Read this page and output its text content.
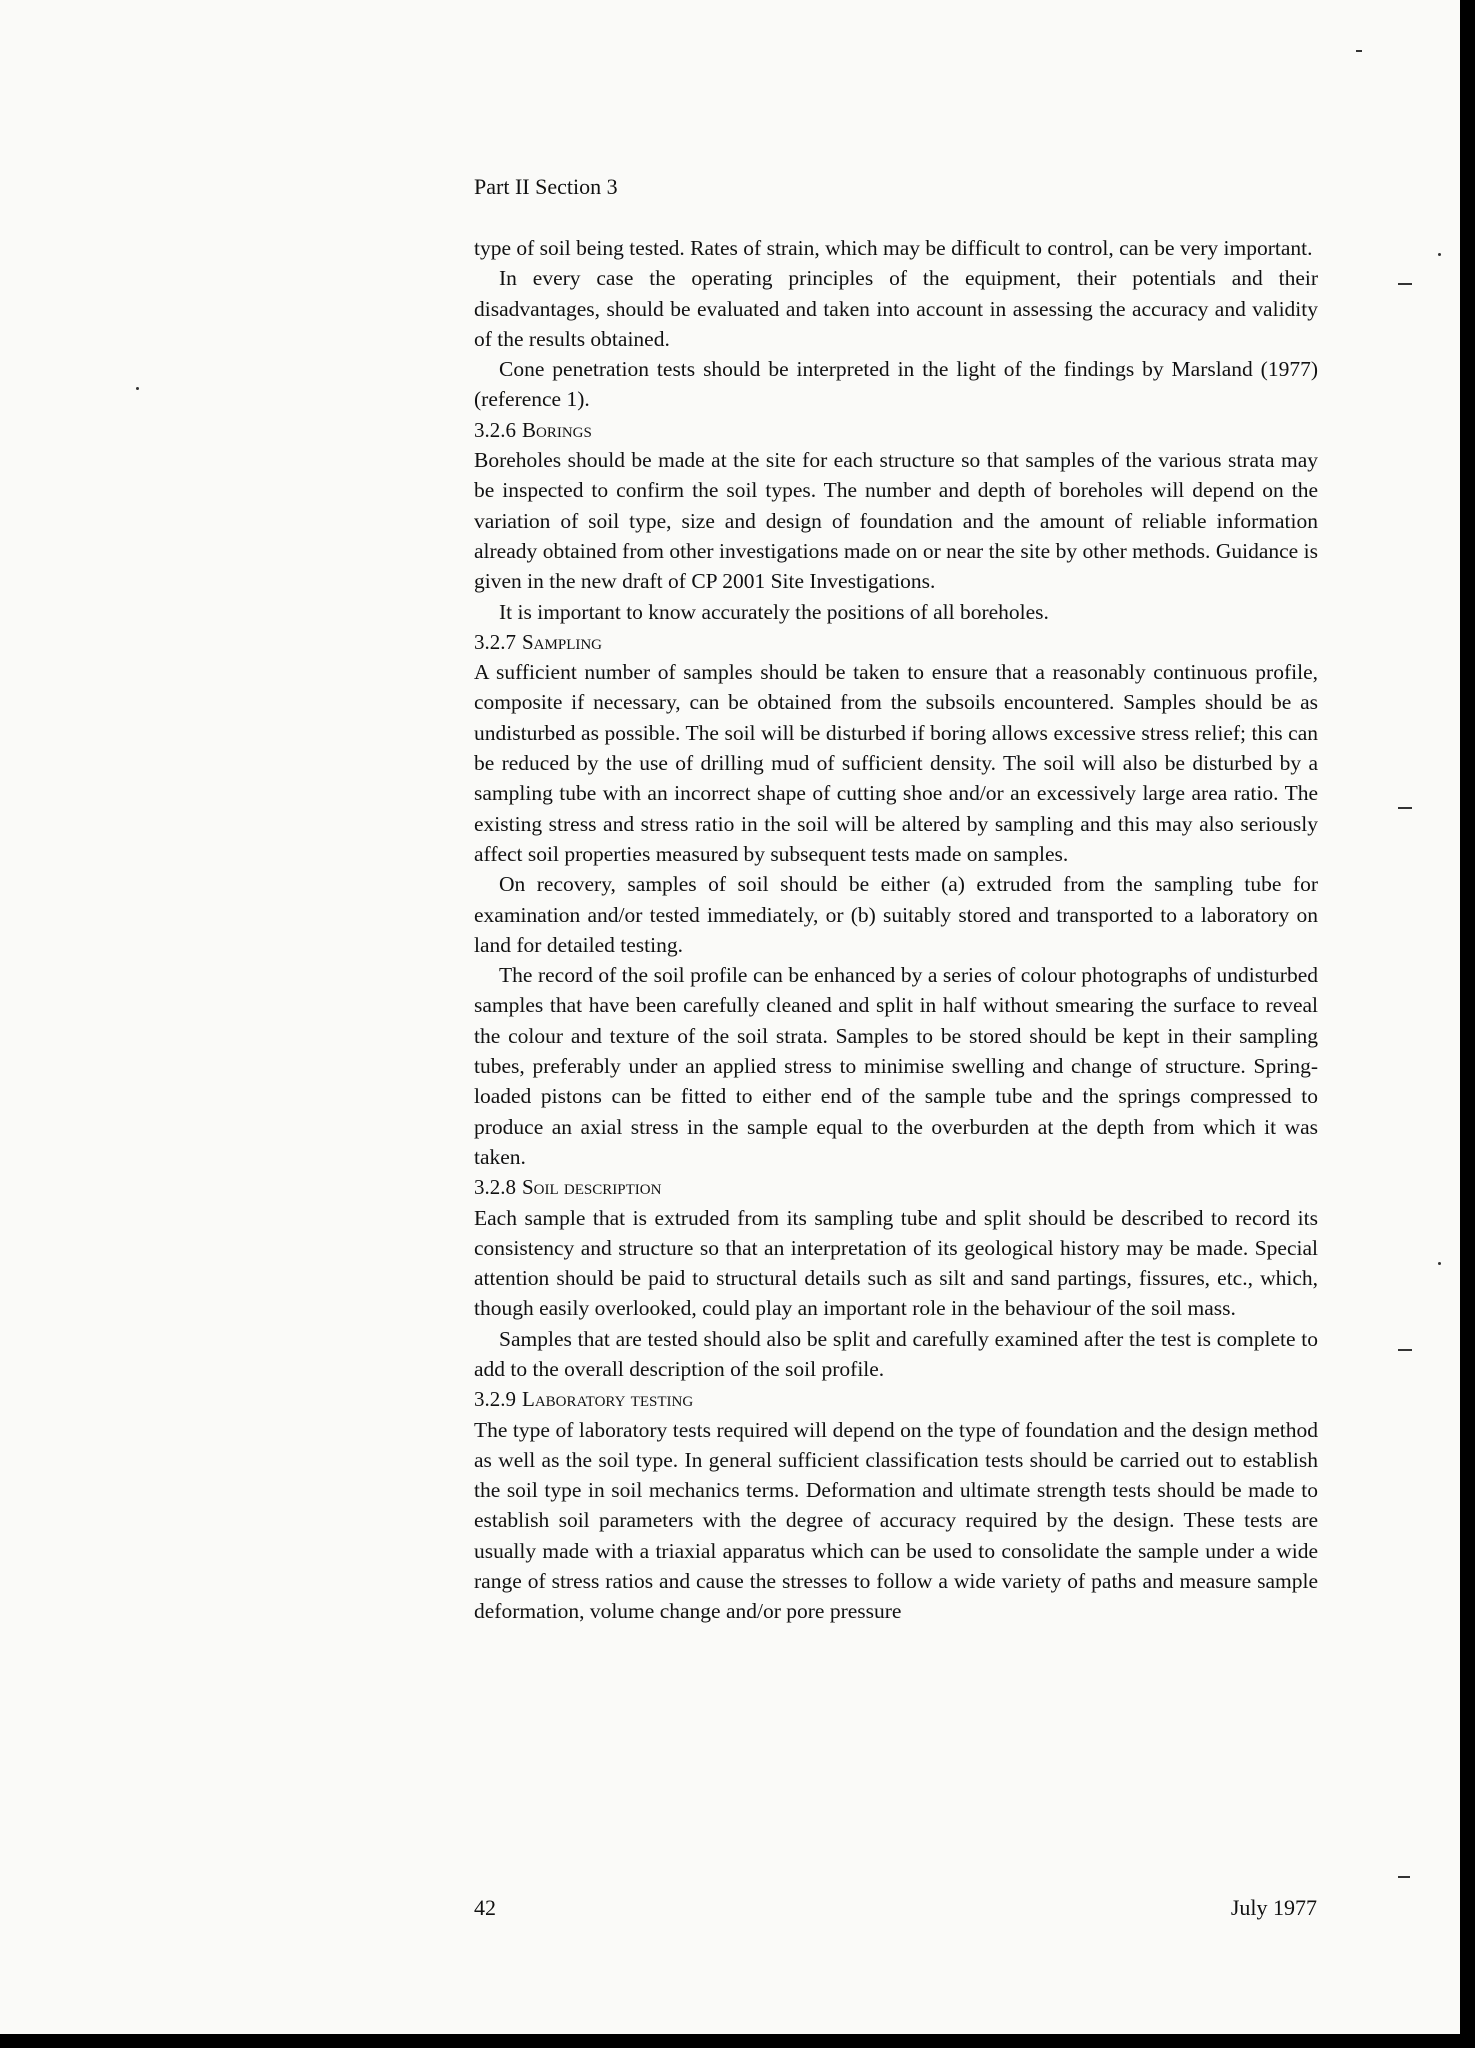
Part II Section 3

type of soil being tested. Rates of strain, which may be difficult to control, can be very important.

In every case the operating principles of the equipment, their potentials and their disadvantages, should be evaluated and taken into account in assessing the accuracy and validity of the results obtained.

Cone penetration tests should be interpreted in the light of the findings by Marsland (1977) (reference 1).

3.2.6 Borings

Boreholes should be made at the site for each structure so that samples of the various strata may be inspected to confirm the soil types. The number and depth of boreholes will depend on the variation of soil type, size and design of foundation and the amount of reliable information already obtained from other investigations made on or near the site by other methods. Guidance is given in the new draft of CP 2001 Site Investigations.

It is important to know accurately the positions of all boreholes.

3.2.7 Sampling

A sufficient number of samples should be taken to ensure that a reasonably continuous profile, composite if necessary, can be obtained from the subsoils encountered. Samples should be as undisturbed as possible. The soil will be disturbed if boring allows excessive stress relief; this can be reduced by the use of drilling mud of sufficient density. The soil will also be disturbed by a sampling tube with an incorrect shape of cutting shoe and/or an excessively large area ratio. The existing stress and stress ratio in the soil will be altered by sampling and this may also seriously affect soil properties measured by subsequent tests made on samples.

On recovery, samples of soil should be either (a) extruded from the sampling tube for examination and/or tested immediately, or (b) suitably stored and transported to a laboratory on land for detailed testing.

The record of the soil profile can be enhanced by a series of colour photographs of undisturbed samples that have been carefully cleaned and split in half without smearing the surface to reveal the colour and texture of the soil strata. Samples to be stored should be kept in their sampling tubes, preferably under an applied stress to minimise swelling and change of structure. Spring-loaded pistons can be fitted to either end of the sample tube and the springs compressed to produce an axial stress in the sample equal to the overburden at the depth from which it was taken.

3.2.8 Soil description

Each sample that is extruded from its sampling tube and split should be described to record its consistency and structure so that an interpretation of its geological history may be made. Special attention should be paid to structural details such as silt and sand partings, fissures, etc., which, though easily overlooked, could play an important role in the behaviour of the soil mass.

Samples that are tested should also be split and carefully examined after the test is complete to add to the overall description of the soil profile.

3.2.9 Laboratory testing

The type of laboratory tests required will depend on the type of foundation and the design method as well as the soil type. In general sufficient classification tests should be carried out to establish the soil type in soil mechanics terms. Deformation and ultimate strength tests should be made to establish soil parameters with the degree of accuracy required by the design. These tests are usually made with a triaxial apparatus which can be used to consolidate the sample under a wide range of stress ratios and cause the stresses to follow a wide variety of paths and measure sample deformation, volume change and/or pore pressure

42	July 1977
